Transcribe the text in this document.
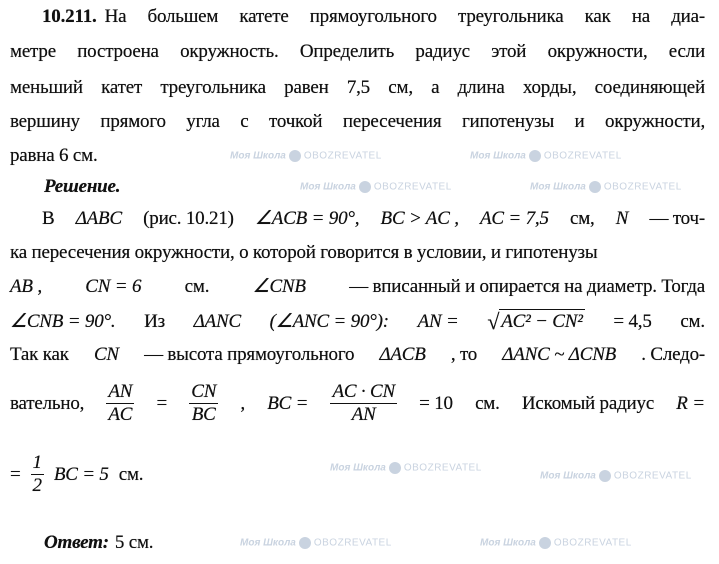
Моя Школа OBOZREVATEL	Моя Школа OBOZREVATEL
Моя Школа OBOZREVATEL	Моя Школа OBOZREVATEL
Моя Школа OBOZREVATEL
Моя Школа OBOZREVATEL
Моя Школа OBOZREVATEL	Моя Школа OBOZREVATEL
10.211. На большем катете прямоугольного треугольника как на диа-
метре построена окружность. Определить радиус этой окружности, если
меньший катет треугольника равен 7,5 см, а длина хорды, соединяющей
вершину прямого угла с точкой пересечения гипотенузы и окружности,
равна 6 см.
Решение.
В ΔABC (рис. 10.21) ∠ACB = 90°, BC > AC , AC = 7,5 см, N — точ-
ка пересечения окружности, о которой говорится в условии, и гипотенузы
AB , CN = 6 см. ∠CNB — вписанный и опирается на диаметр. Тогда
∠CNB = 90°. Из ΔANC (∠ANC = 90°): AN = √ AC² − CN² = 4,5 см.
Так как CN — высота прямоугольного ΔACB , то ΔANC ~ ΔCNB . Следо-
вательно, $\frac{AN}{AC} = \frac{CN}{BC}$ , BC = $\frac{AC \cdot CN}{AN} = 10$ см. Искомый радиус R =
= $\frac{1}{2}$ BC = 5 см.
Ответ: 5 см.
